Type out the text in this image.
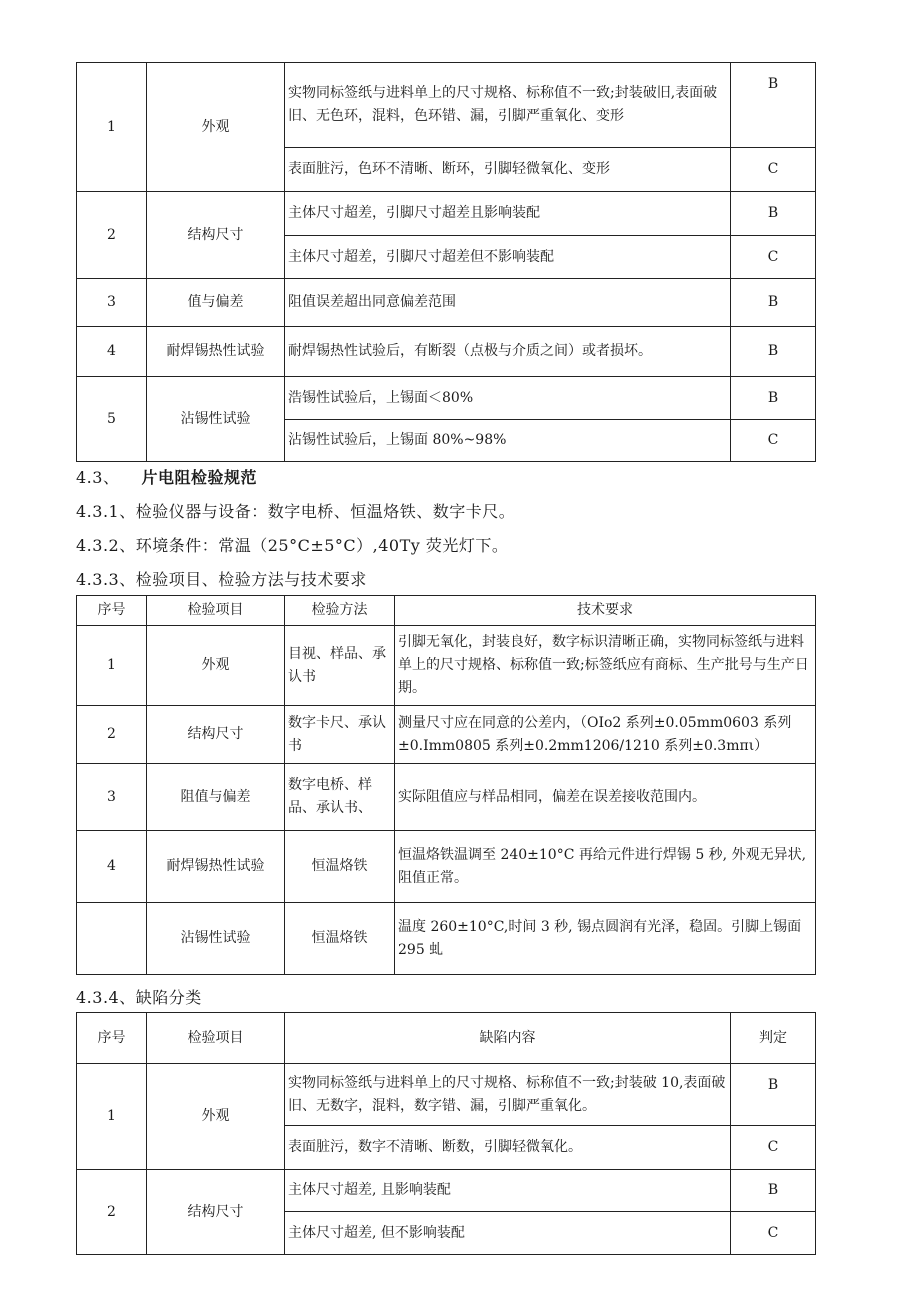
1	外观	实物同标签纸与进料单上的尺寸规格、标称值不一致;封装破旧,表面破旧、无色环，混料，色环错、漏，引脚严重氧化、变形	B
		表面脏污，色环不清晰、断环，引脚轻微氧化、变形	C
2	结构尺寸	主体尺寸超差，引脚尺寸超差且影响装配	B
		主体尺寸超差，引脚尺寸超差但不影响装配	C
3	值与偏差	阻值误差超出同意偏差范围	B
4	耐焊锡热性试验	耐焊锡热性试验后，有断裂（点极与介质之间）或者损坏。	B
5	沾锡性试验	浩锡性试验后，上锡面＜80%	B
		沾锡性试验后，上锡面 80%~98%	C
4.3、 片电阻检验规范
4.3.1、检验仪器与设备：数字电桥、恒温烙铁、数字卡尺。
4.3.2、环境条件：常温（25°C±5°C）,40Ty 荧光灯下。
4.3.3、检验项目、检验方法与技术要求
序号	检验项目	检验方法	技术要求
1	外观	目视、样品、承认书	引脚无氧化，封装良好，数字标识清晰正确，实物同标签纸与进料单上的尺寸规格、标称值一致;标签纸应有商标、生产批号与生产日期。
2	结构尺寸	数字卡尺、承认书	测量尺寸应在同意的公差内，（OIo2 系列±0.05mm0603 系列±0.Imm0805 系列±0.2mm1206/1210 系列±0.3mπι）
3	阻值与偏差	数字电桥、样品、承认书、	实际阻值应与样品相同，偏差在误差接收范围内。
4	耐焊锡热性试验	恒温烙铁	恒温烙铁温调至 240±10°C 再给元件进行焊锡 5 秒, 外观无异状, 阻值正常。
	沾锡性试验	恒温烙铁	温度 260±10°C,时间 3 秒, 锡点圆润有光泽，稳固。引脚上锡面 295 虬
4.3.4、缺陷分类
序号	检验项目	缺陷内容	判定
1	外观	实物同标签纸与进料单上的尺寸规格、标称值不一致;封装破 10,表面破旧、无数字，混料，数字错、漏，引脚严重氧化。	B
		表面脏污，数字不清晰、断数，引脚轻微氧化。	C
2	结构尺寸	主体尺寸超差, 且影响装配	B
		主体尺寸超差, 但不影响装配	C
